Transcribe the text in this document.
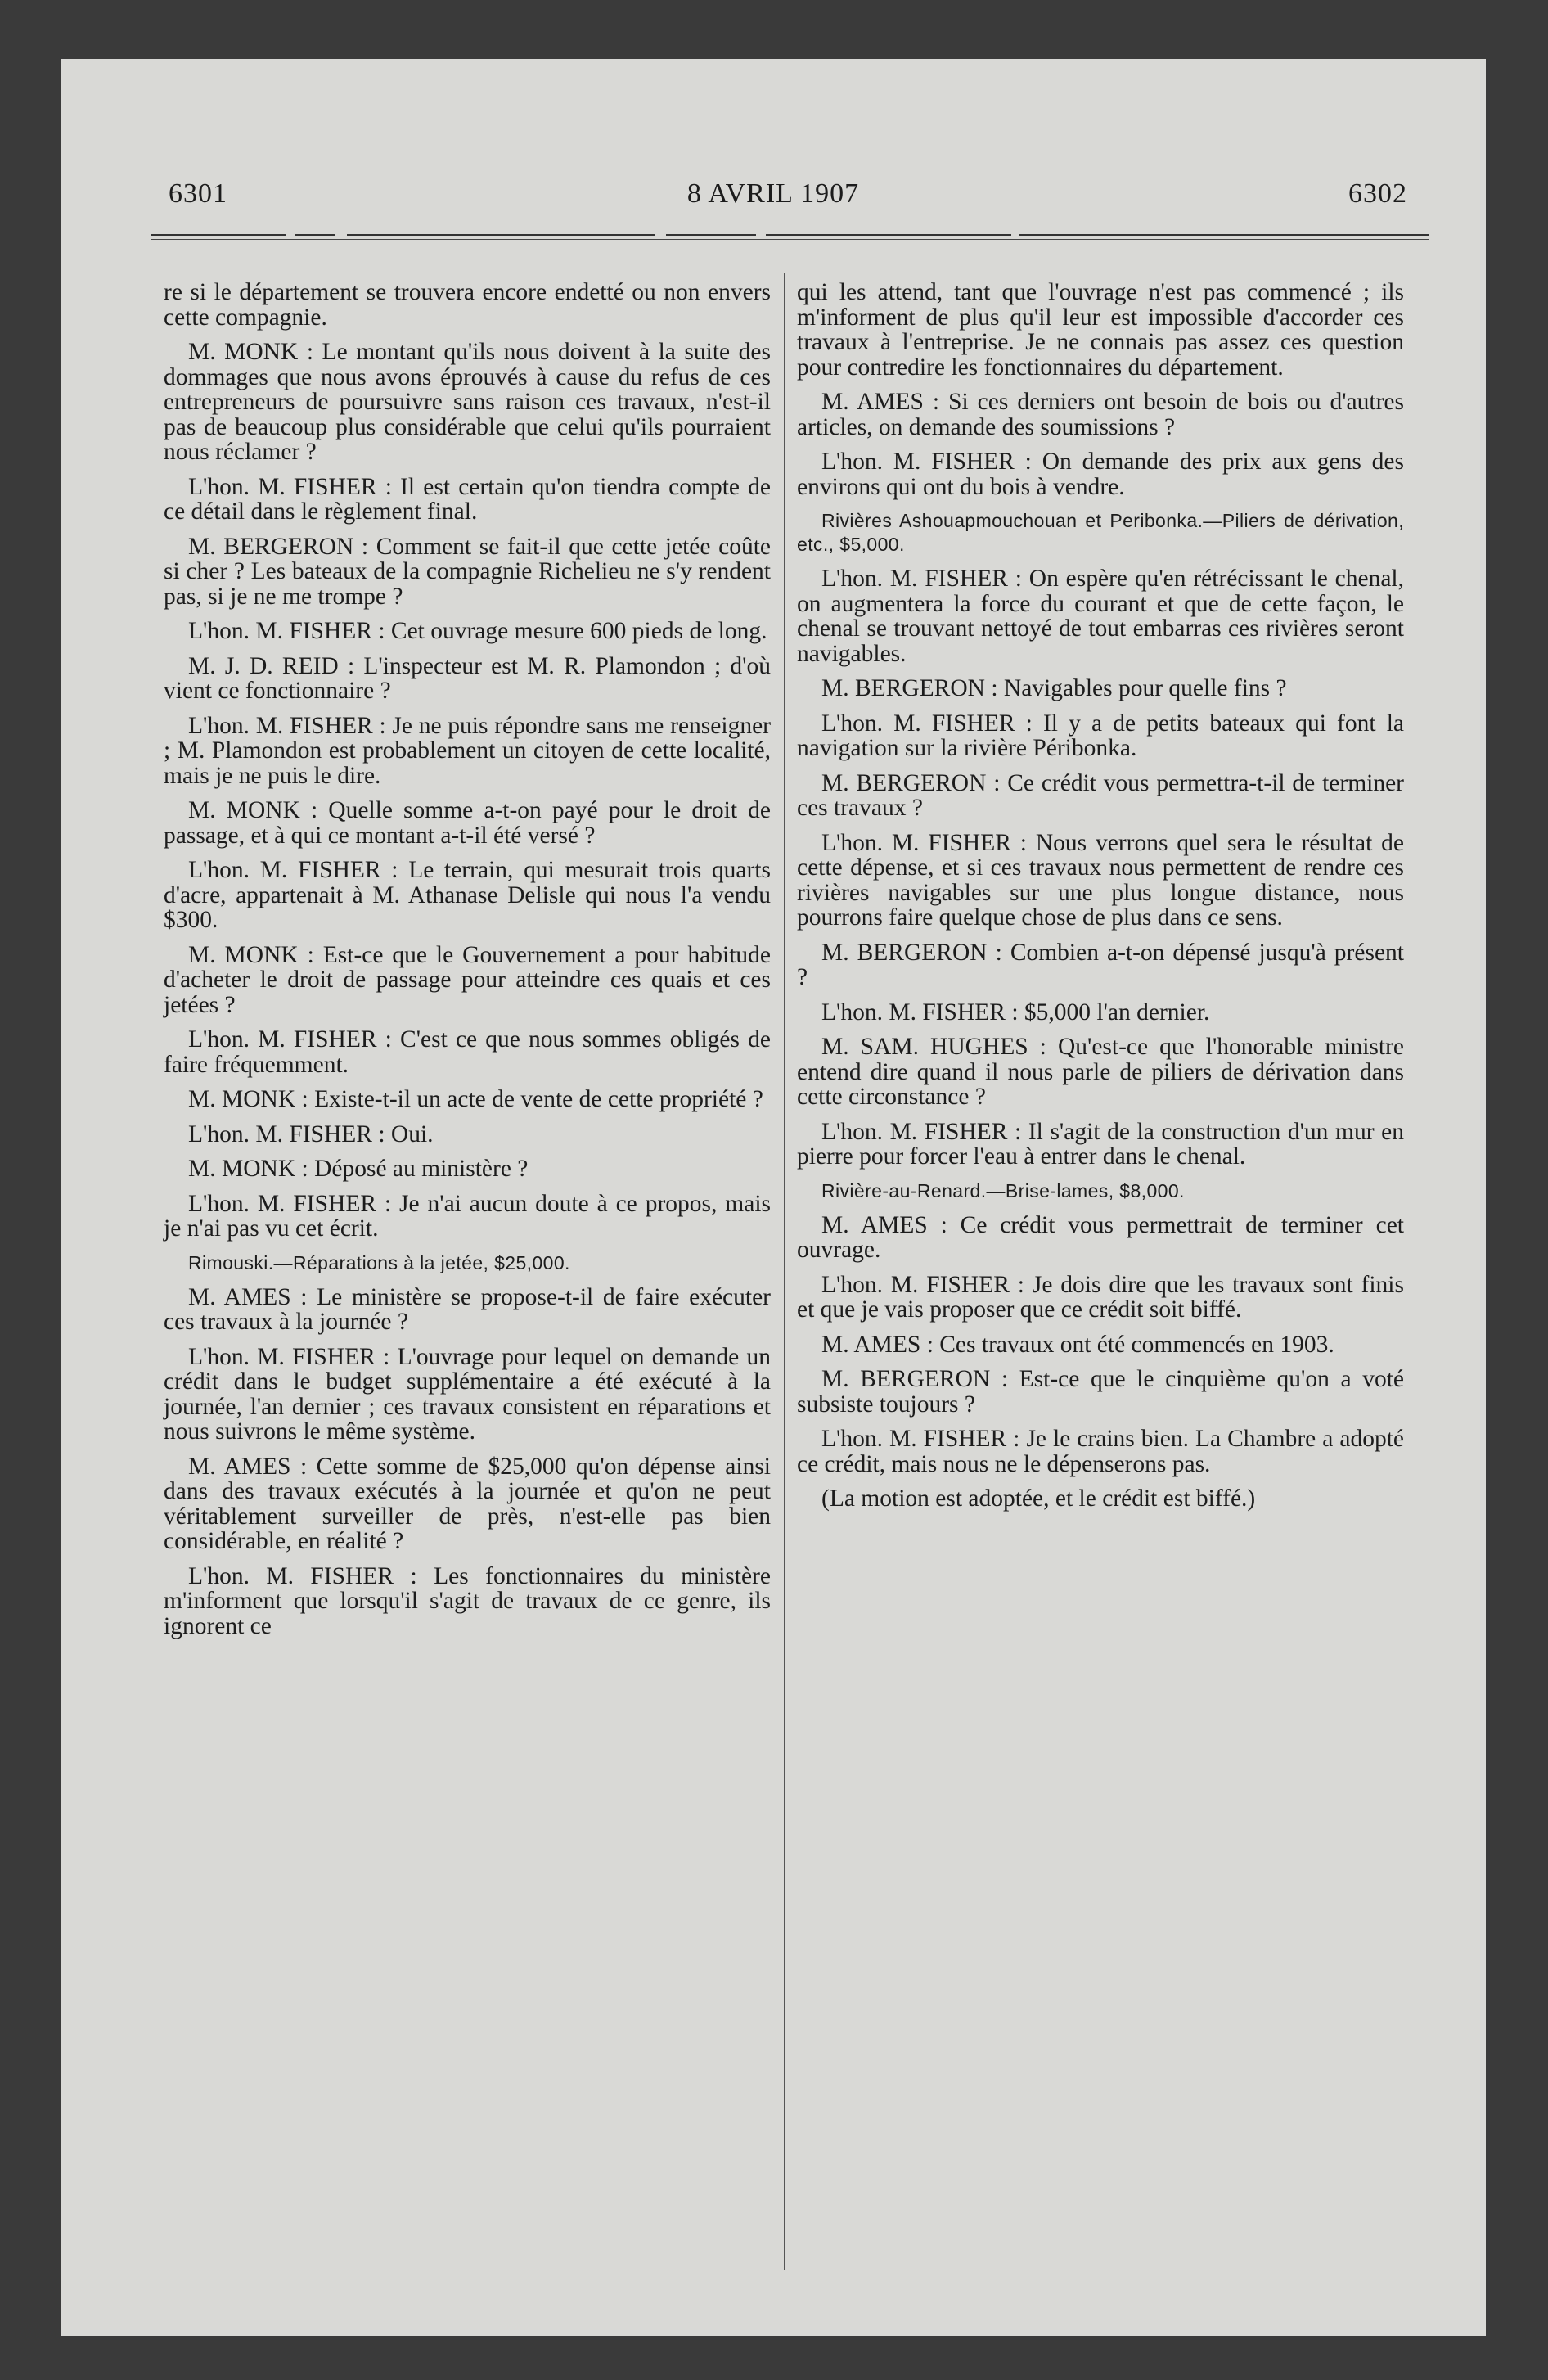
6301	8 AVRIL 1907	6302

re si le département se trouvera encore endetté ou non envers cette compagnie.

M. MONK : Le montant qu'ils nous doivent à la suite des dommages que nous avons éprouvés à cause du refus de ces entrepreneurs de poursuivre sans raison ces travaux, n'est-il pas de beaucoup plus considérable que celui qu'ils pourraient nous réclamer ?

L'hon. M. FISHER : Il est certain qu'on tiendra compte de ce détail dans le règlement final.

M. BERGERON : Comment se fait-il que cette jetée coûte si cher ? Les bateaux de la compagnie Richelieu ne s'y rendent pas, si je ne me trompe ?

L'hon. M. FISHER : Cet ouvrage mesure 600 pieds de long.

M. J. D. REID : L'inspecteur est M. R. Plamondon ; d'où vient ce fonctionnaire ?

L'hon. M. FISHER : Je ne puis répondre sans me renseigner ; M. Plamondon est probablement un citoyen de cette localité, mais je ne puis le dire.

M. MONK : Quelle somme a-t-on payé pour le droit de passage, et à qui ce montant a-t-il été versé ?

L'hon. M. FISHER : Le terrain, qui mesurait trois quarts d'acre, appartenait à M. Athanase Delisle qui nous l'a vendu $300.

M. MONK : Est-ce que le Gouvernement a pour habitude d'acheter le droit de passage pour atteindre ces quais et ces jetées ?

L'hon. M. FISHER : C'est ce que nous sommes obligés de faire fréquemment.

M. MONK : Existe-t-il un acte de vente de cette propriété ?

L'hon. M. FISHER : Oui.

M. MONK : Déposé au ministère ?

L'hon. M. FISHER : Je n'ai aucun doute à ce propos, mais je n'ai pas vu cet écrit.

Rimouski.—Réparations à la jetée, $25,000.

M. AMES : Le ministère se propose-t-il de faire exécuter ces travaux à la journée ?

L'hon. M. FISHER : L'ouvrage pour lequel on demande un crédit dans le budget supplémentaire a été exécuté à la journée, l'an dernier ; ces travaux consistent en réparations et nous suivrons le même système.

M. AMES : Cette somme de $25,000 qu'on dépense ainsi dans des travaux exécutés à la journée et qu'on ne peut véritablement surveiller de près, n'est-elle pas bien considérable, en réalité ?

L'hon. M. FISHER : Les fonctionnaires du ministère m'informent que lorsqu'il s'agit de travaux de ce genre, ils ignorent ce

qui les attend, tant que l'ouvrage n'est pas commencé ; ils m'informent de plus qu'il leur est impossible d'accorder ces travaux à l'entreprise. Je ne connais pas assez ces question pour contredire les fonctionnaires du département.

M. AMES : Si ces derniers ont besoin de bois ou d'autres articles, on demande des soumissions ?

L'hon. M. FISHER : On demande des prix aux gens des environs qui ont du bois à vendre.

Rivières Ashouapmouchouan et Peribonka.—Piliers de dérivation, etc., $5,000.

L'hon. M. FISHER : On espère qu'en rétrécissant le chenal, on augmentera la force du courant et que de cette façon, le chenal se trouvant nettoyé de tout embarras ces rivières seront navigables.

M. BERGERON : Navigables pour quelle fins ?

L'hon. M. FISHER : Il y a de petits bateaux qui font la navigation sur la rivière Péribonka.

M. BERGERON : Ce crédit vous permettra-t-il de terminer ces travaux ?

L'hon. M. FISHER : Nous verrons quel sera le résultat de cette dépense, et si ces travaux nous permettent de rendre ces rivières navigables sur une plus longue distance, nous pourrons faire quelque chose de plus dans ce sens.

M. BERGERON : Combien a-t-on dépensé jusqu'à présent ?

L'hon. M. FISHER : $5,000 l'an dernier.

M. SAM. HUGHES : Qu'est-ce que l'honorable ministre entend dire quand il nous parle de piliers de dérivation dans cette circonstance ?

L'hon. M. FISHER : Il s'agit de la construction d'un mur en pierre pour forcer l'eau à entrer dans le chenal.

Rivière-au-Renard.—Brise-lames, $8,000.

M. AMES : Ce crédit vous permettrait de terminer cet ouvrage.

L'hon. M. FISHER : Je dois dire que les travaux sont finis et que je vais proposer que ce crédit soit biffé.

M. AMES : Ces travaux ont été commencés en 1903.

M. BERGERON : Est-ce que le cinquième qu'on a voté subsiste toujours ?

L'hon. M. FISHER : Je le crains bien. La Chambre a adopté ce crédit, mais nous ne le dépenserons pas.

(La motion est adoptée, et le crédit est biffé.)
